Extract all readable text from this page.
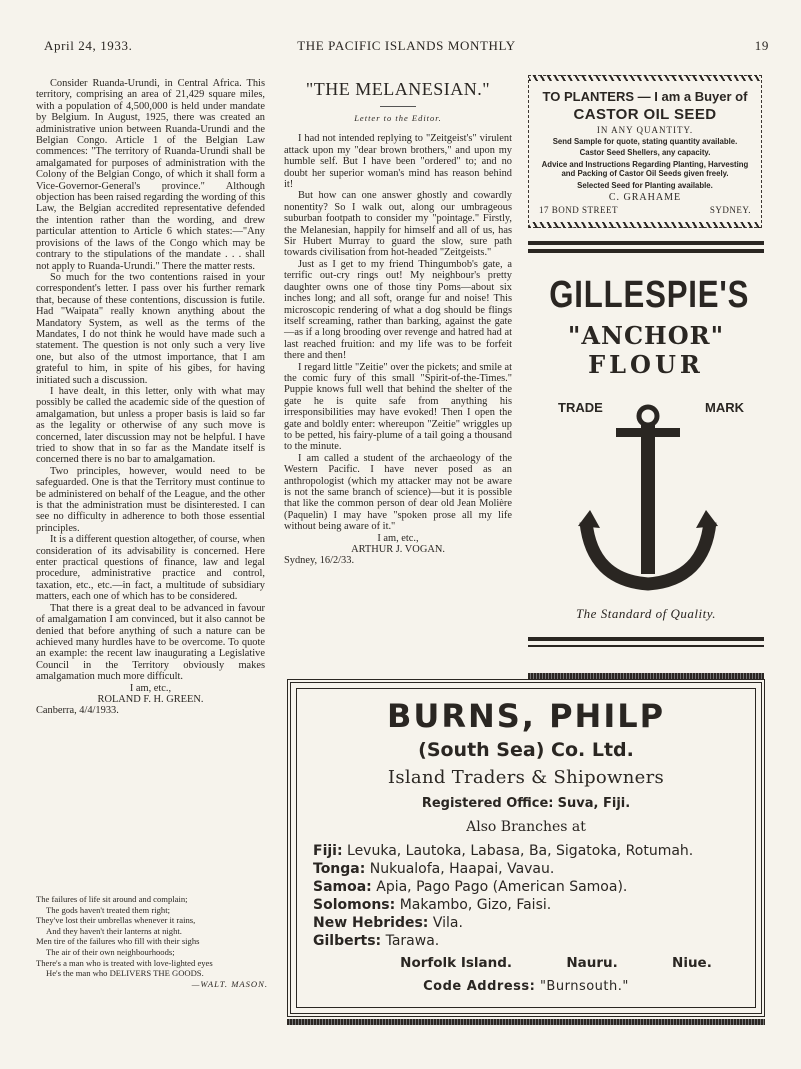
April 24, 1933.	THE PACIFIC ISLANDS MONTHLY	19

Consider Ruanda-Urundi, in Central Africa. This territory, comprising an area of 21,429 square miles, with a population of 4,500,000 is held under mandate by Belgium. In August, 1925, there was created an administrative union between Ruanda-Urundi and the Belgian Congo. Article 1 of the Belgian Law commences: "The territory of Ruanda-Urundi shall be amalgamated for purposes of administration with the Colony of the Belgian Congo, of which it shall form a Vice-Governor-General's province." Although objection has been raised regarding the wording of this Law, the Belgian accredited representative defended the intention rather than the wording, and drew particular attention to Article 6 which states:—"Any provisions of the laws of the Congo which may be contrary to the stipulations of the mandate . . . shall not apply to Ruanda-Urundi." There the matter rests.

So much for the two contentions raised in your correspondent's letter. I pass over his further remark that, because of these contentions, discussion is futile. Had "Waipata" really known anything about the Mandatory System, as well as the terms of the Mandates, I do not think he would have made such a statement. The question is not only such a very live one, but also of the utmost importance, that I am grateful to him, in spite of his gibes, for having initiated such a discussion.

I have dealt, in this letter, only with what may possibly be called the academic side of the question of amalgamation, but unless a proper basis is laid so far as the legality or otherwise of any such move is concerned, later discussion may not be helpful. I have tried to show that in so far as the Mandate itself is concerned there is no bar to amalgamation.

Two principles, however, would need to be safeguarded. One is that the Territory must continue to be administered on behalf of the League, and the other is that the administration must be disinterested. I can see no difficulty in adherence to both those essential principles.

It is a different question altogether, of course, when consideration of its advisability is concerned. Here enter practical questions of finance, law and legal procedure, administrative practice and control, taxation, etc., etc.—in fact, a multitude of subsidiary matters, each one of which has to be considered.

That there is a great deal to be advanced in favour of amalgamation I am convinced, but it also cannot be denied that before anything of such a nature can be achieved many hurdles have to be overcome. To quote an example: the recent law inaugurating a Legislative Council in the Territory obviously makes amalgamation much more difficult.

I am, etc.,

ROLAND F. H. GREEN.

Canberra, 4/4/1933.

The failures of life sit around and complain;

The gods haven't treated them right;

They've lost their umbrellas whenever it rains,

And they haven't their lanterns at night.

Men tire of the failures who fill with their sighs

The air of their own neighbourhoods;

There's a man who is treated with love-lighted eyes

He's the man who DELIVERS THE GOODS.

—WALT. MASON.

"THE MELANESIAN."
Letter to the Editor.

I had not intended replying to "Zeitgeist's" virulent attack upon my "dear brown brothers," and upon my humble self. But I have been "ordered" to; and no doubt her superior woman's mind has reason behind it!

But how can one answer ghostly and cowardly nonentity? So I walk out, along our umbrageous suburban footpath to consider my "pointage." Firstly, the Melanesian, happily for himself and all of us, has Sir Hubert Murray to guard the slow, sure path towards civilisation from hot-headed "Zeitgeists."

Just as I get to my friend Thingumbob's gate, a terrific out-cry rings out! My neighbour's pretty daughter owns one of those tiny Poms—about six inches long; and all soft, orange fur and noise! This microscopic rendering of what a dog should be flings itself screaming, rather than barking, against the gate—as if a long brooding over revenge and hatred had at last reached fruition: and my life was to be forfeit there and then!

I regard little "Zeitie" over the pickets; and smile at the comic fury of this small "Spirit-of-the-Times." Puppie knows full well that behind the shelter of the gate he is quite safe from anything his irresponsibilities may have evoked! Then I open the gate and boldly enter: whereupon "Zeitie" wriggles up to be petted, his fairy-plume of a tail going a thousand to the minute.

I am called a student of the archaeology of the Western Pacific. I have never posed as an anthropologist (which my attacker may not be aware is not the same branch of science)—but it is possible that like the common person of dear old Jean Molière (Paquelin) I may have "spoken prose all my life without being aware of it."

I am, etc.,

ARTHUR J. VOGAN.

Sydney, 16/2/33.

TO PLANTERS — I am a Buyer of
CASTOR OIL SEED
IN ANY QUANTITY.
Send Sample for quote, stating quantity available.
Castor Seed Shellers, any capacity.
Advice and Instructions Regarding Planting, Harvesting and Packing of Castor Oil Seeds given freely.
Selected Seed for Planting available.
C. GRAHAME
17 BOND STREET	SYDNEY.
GILLESPIE'S
"ANCHOR"
FLOUR
TRADE	MARK
The Standard of Quality.
BURNS, PHILP
(South Sea) Co. Ltd.
Island Traders & Shipowners
Registered Office: Suva, Fiji.
Also Branches at
Fiji: Levuka, Lautoka, Labasa, Ba, Sigatoka, Rotumah.
Tonga: Nukualofa, Haapai, Vavau.
Samoa: Apia, Pago Pago (American Samoa).
Solomons: Makambo, Gizo, Faisi.
New Hebrides: Vila.
Gilberts: Tarawa.
Norfolk Island.	Nauru.	Niue.
Code Address: "Burnsouth."
